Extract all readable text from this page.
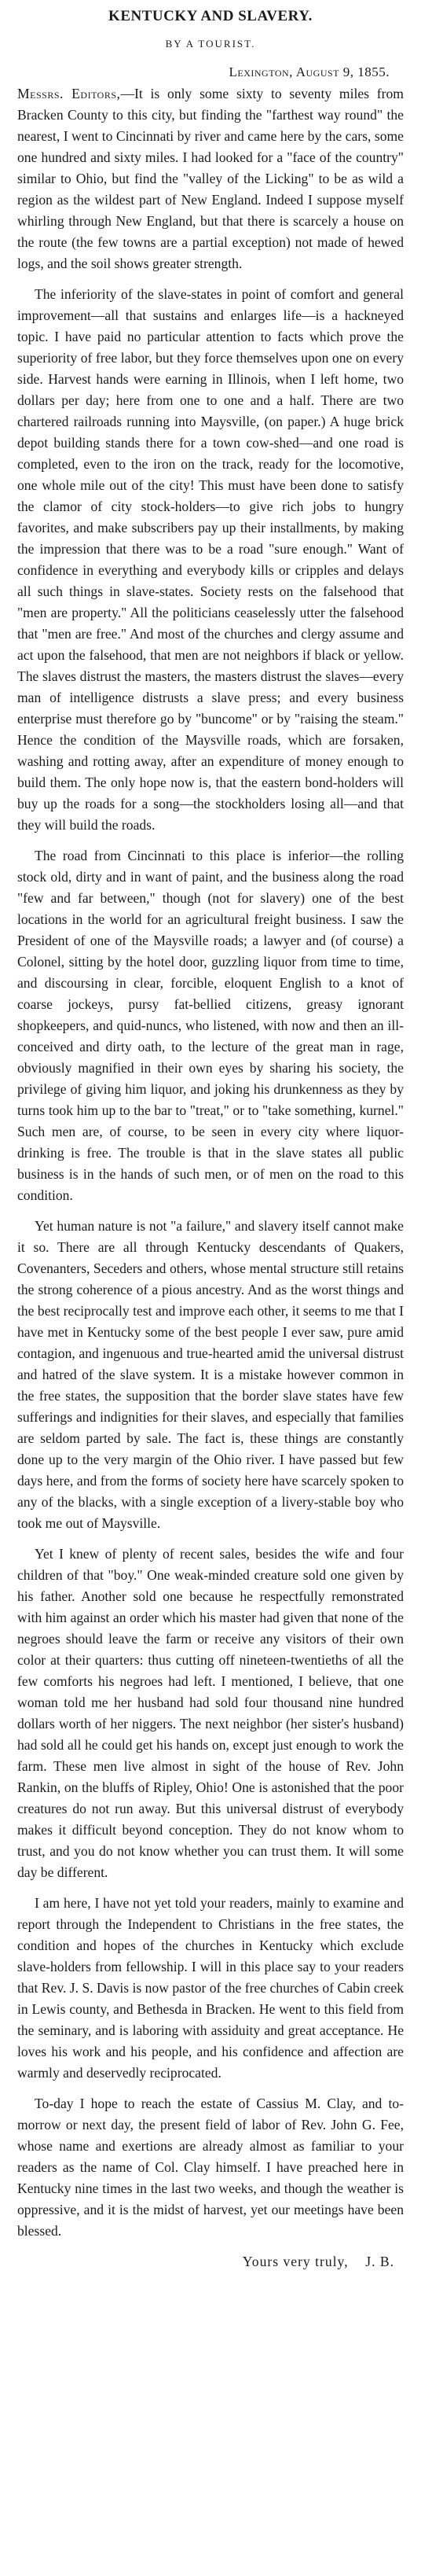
KENTUCKY AND SLAVERY.
BY A TOURIST.
Lexington, August 9, 1855.

Messrs. Editors,—It is only some sixty to seventy miles from Bracken County to this city, but finding the "farthest way round" the nearest, I went to Cincinnati by river and came here by the cars, some one hundred and sixty miles. I had looked for a "face of the country" similar to Ohio, but find the "valley of the Licking" to be as wild a region as the wildest part of New England. Indeed I suppose myself whirling through New England, but that there is scarcely a house on the route (the few towns are a partial exception) not made of hewed logs, and the soil shows greater strength.

The inferiority of the slave-states in point of comfort and general improvement—all that sustains and enlarges life—is a hackneyed topic. I have paid no particular attention to facts which prove the superiority of free labor, but they force themselves upon one on every side. Harvest hands were earning in Illinois, when I left home, two dollars per day; here from one to one and a half. There are two chartered railroads running into Maysville, (on paper.) A huge brick depot building stands there for a town cow-shed—and one road is completed, even to the iron on the track, ready for the locomotive, one whole mile out of the city! This must have been done to satisfy the clamor of city stock-holders—to give rich jobs to hungry favorites, and make subscribers pay up their installments, by making the impression that there was to be a road "sure enough." Want of confidence in everything and everybody kills or cripples and delays all such things in slave-states. Society rests on the falsehood that "men are property." All the politicians ceaselessly utter the falsehood that "men are free." And most of the churches and clergy assume and act upon the falsehood, that men are not neighbors if black or yellow. The slaves distrust the masters, the masters distrust the slaves—every man of intelligence distrusts a slave press; and every business enterprise must therefore go by "buncome" or by "raising the steam." Hence the condition of the Maysville roads, which are forsaken, washing and rotting away, after an expenditure of money enough to build them. The only hope now is, that the eastern bond-holders will buy up the roads for a song—the stockholders losing all—and that they will build the roads.

The road from Cincinnati to this place is inferior—the rolling stock old, dirty and in want of paint, and the business along the road "few and far between," though (not for slavery) one of the best locations in the world for an agricultural freight business. I saw the President of one of the Maysville roads; a lawyer and (of course) a Colonel, sitting by the hotel door, guzzling liquor from time to time, and discoursing in clear, forcible, eloquent English to a knot of coarse jockeys, pursy fat-bellied citizens, greasy ignorant shopkeepers, and quid-nuncs, who listened, with now and then an ill-conceived and dirty oath, to the lecture of the great man in rage, obviously magnified in their own eyes by sharing his society, the privilege of giving him liquor, and joking his drunkenness as they by turns took him up to the bar to "treat," or to "take something, kurnel." Such men are, of course, to be seen in every city where liquor-drinking is free. The trouble is that in the slave states all public business is in the hands of such men, or of men on the road to this condition.

Yet human nature is not "a failure," and slavery itself cannot make it so. There are all through Kentucky descendants of Quakers, Covenanters, Seceders and others, whose mental structure still retains the strong coherence of a pious ancestry. And as the worst things and the best reciprocally test and improve each other, it seems to me that I have met in Kentucky some of the best people I ever saw, pure amid contagion, and ingenuous and true-hearted amid the universal distrust and hatred of the slave system. It is a mistake however common in the free states, the supposition that the border slave states have few sufferings and indignities for their slaves, and especially that families are seldom parted by sale. The fact is, these things are constantly done up to the very margin of the Ohio river. I have passed but few days here, and from the forms of society here have scarcely spoken to any of the blacks, with a single exception of a livery-stable boy who took me out of Maysville.

Yet I knew of plenty of recent sales, besides the wife and four children of that "boy." One weak-minded creature sold one given by his father. Another sold one because he respectfully remonstrated with him against an order which his master had given that none of the negroes should leave the farm or receive any visitors of their own color at their quarters: thus cutting off nineteen-twentieths of all the few comforts his negroes had left. I mentioned, I believe, that one woman told me her husband had sold four thousand nine hundred dollars worth of her niggers. The next neighbor (her sister's husband) had sold all he could get his hands on, except just enough to work the farm. These men live almost in sight of the house of Rev. John Rankin, on the bluffs of Ripley, Ohio! One is astonished that the poor creatures do not run away. But this universal distrust of everybody makes it difficult beyond conception. They do not know whom to trust, and you do not know whether you can trust them. It will some day be different.

I am here, I have not yet told your readers, mainly to examine and report through the Independent to Christians in the free states, the condition and hopes of the churches in Kentucky which exclude slave-holders from fellowship. I will in this place say to your readers that Rev. J. S. Davis is now pastor of the free churches of Cabin creek in Lewis county, and Bethesda in Bracken. He went to this field from the seminary, and is laboring with assiduity and great acceptance. He loves his work and his people, and his confidence and affection are warmly and deservedly reciprocated.

To-day I hope to reach the estate of Cassius M. Clay, and to-morrow or next day, the present field of labor of Rev. John G. Fee, whose name and exertions are already almost as familiar to your readers as the name of Col. Clay himself. I have preached here in Kentucky nine times in the last two weeks, and though the weather is oppressive, and it is the midst of harvest, yet our meetings have been blessed.

Yours very truly, J. B.
